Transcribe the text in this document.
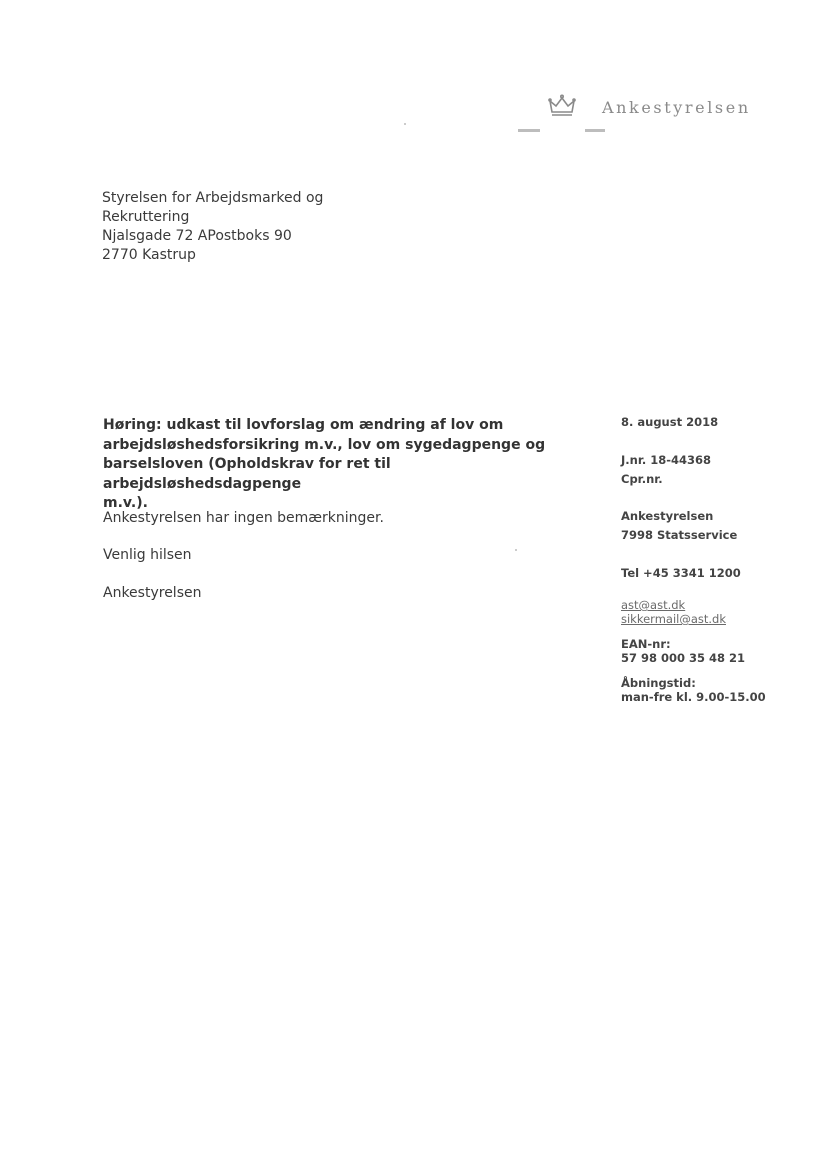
Ankestyrelsen
Styrelsen for Arbejdsmarked og
Rekruttering
Njalsgade 72 APostboks 90
2770 Kastrup
Høring: udkast til lovforslag om ændring af lov om
arbejdsløshedsforsikring m.v., lov om sygedagpenge og
barselsloven (Opholdskrav for ret til arbejdsløshedsdagpenge
m.v.).
Ankestyrelsen har ingen bemærkninger.
Venlig hilsen
Ankestyrelsen
8. august 2018
J.nr. 18-44368
Cpr.nr.
Ankestyrelsen
7998 Statsservice
Tel +45 3341 1200
ast@ast.dk
sikkermail@ast.dk
EAN-nr:
57 98 000 35 48 21
Åbningstid:
man-fre kl. 9.00-15.00
